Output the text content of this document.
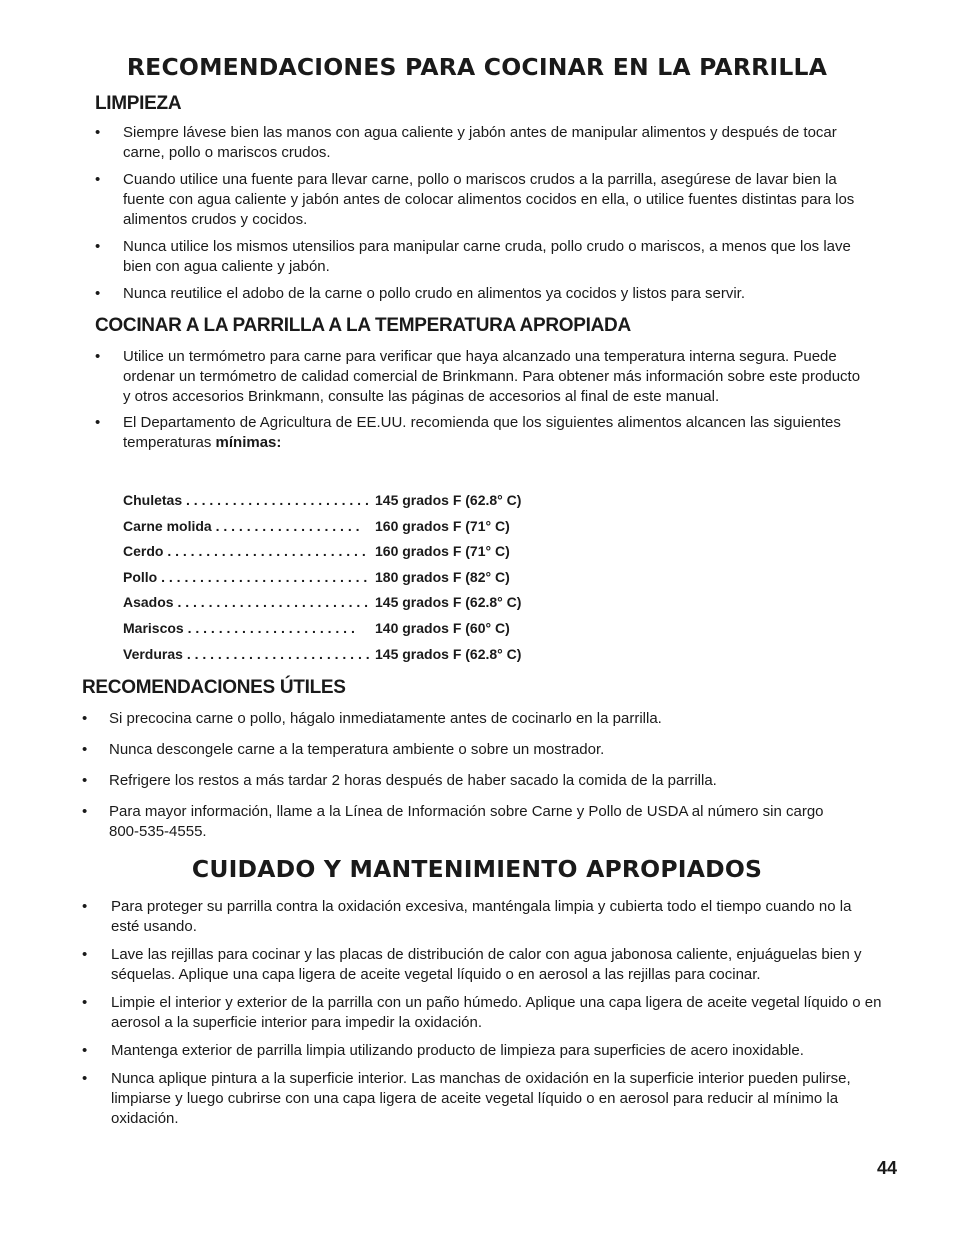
RECOMENDACIONES PARA COCINAR EN LA PARRILLA
LIMPIEZA
• Siempre lávese bien las manos con agua caliente y jabón antes de manipular alimentos y después de tocar carne, pollo o mariscos crudos.
• Cuando utilice una fuente para llevar carne, pollo o mariscos crudos a la parrilla, asegúrese de lavar bien la fuente con agua caliente y jabón antes de colocar alimentos cocidos en ella, o utilice fuentes distintas para los alimentos crudos y cocidos.
• Nunca utilice los mismos utensilios para manipular carne cruda, pollo crudo o mariscos, a menos que los lave bien con agua caliente y jabón.
• Nunca reutilice el adobo de la carne o pollo crudo en alimentos ya cocidos y listos para servir.
COCINAR A LA PARRILLA A LA TEMPERATURA APROPIADA
• Utilice un termómetro para carne para verificar que haya alcanzado una temperatura interna segura. Puede ordenar un termómetro de calidad comercial de Brinkmann. Para obtener más información sobre este producto y otros accesorios Brinkmann, consulte las páginas de accesorios al final de este manual.
• El Departamento de Agricultura de EE.UU. recomienda que los siguientes alimentos alcancen las siguientes temperaturas mínimas:
Chuletas . . . . . . . . . . . . . . . . . . . . . . . . 145 grados F (62.8° C)
Carne molida . . . . . . . . . . . . . . . . . . . 160 grados F (71° C)
Cerdo . . . . . . . . . . . . . . . . . . . . . . . . . . 160 grados F (71° C)
Pollo . . . . . . . . . . . . . . . . . . . . . . . . . . . 180 grados F (82° C)
Asados . . . . . . . . . . . . . . . . . . . . . . . . . 145 grados F (62.8° C)
Mariscos . . . . . . . . . . . . . . . . . . . . . . 140 grados F (60° C)
Verduras . . . . . . . . . . . . . . . . . . . . . . . . 145 grados F (62.8° C)
RECOMENDACIONES ÚTILES
• Si precocina carne o pollo, hágalo inmediatamente antes de cocinarlo en la parrilla.
• Nunca descongele carne a la temperatura ambiente o sobre un mostrador.
• Refrigere los restos a más tardar 2 horas después de haber sacado la comida de la parrilla.
• Para mayor información, llame a la Línea de Información sobre Carne y Pollo de USDA al número sin cargo 800-535-4555.
CUIDADO Y MANTENIMIENTO APROPIADOS
• Para proteger su parrilla contra la oxidación excesiva, manténgala limpia y cubierta todo el tiempo cuando no la esté usando.
• Lave las rejillas para cocinar y las placas de distribución de calor con agua jabonosa caliente, enjuáguelas bien y séquelas. Aplique una capa ligera de aceite vegetal líquido o en aerosol a las rejillas para cocinar.
• Limpie el interior y exterior de la parrilla con un paño húmedo. Aplique una capa ligera de aceite vegetal líquido o en aerosol a la superficie interior para impedir la oxidación.
• Mantenga exterior de parrilla limpia utilizando producto de limpieza para superficies de acero inoxidable.
• Nunca aplique pintura a la superficie interior. Las manchas de oxidación en la superficie interior pueden pulirse, limpiarse y luego cubrirse con una capa ligera de aceite vegetal líquido o en aerosol para reducir al mínimo la oxidación.
44
